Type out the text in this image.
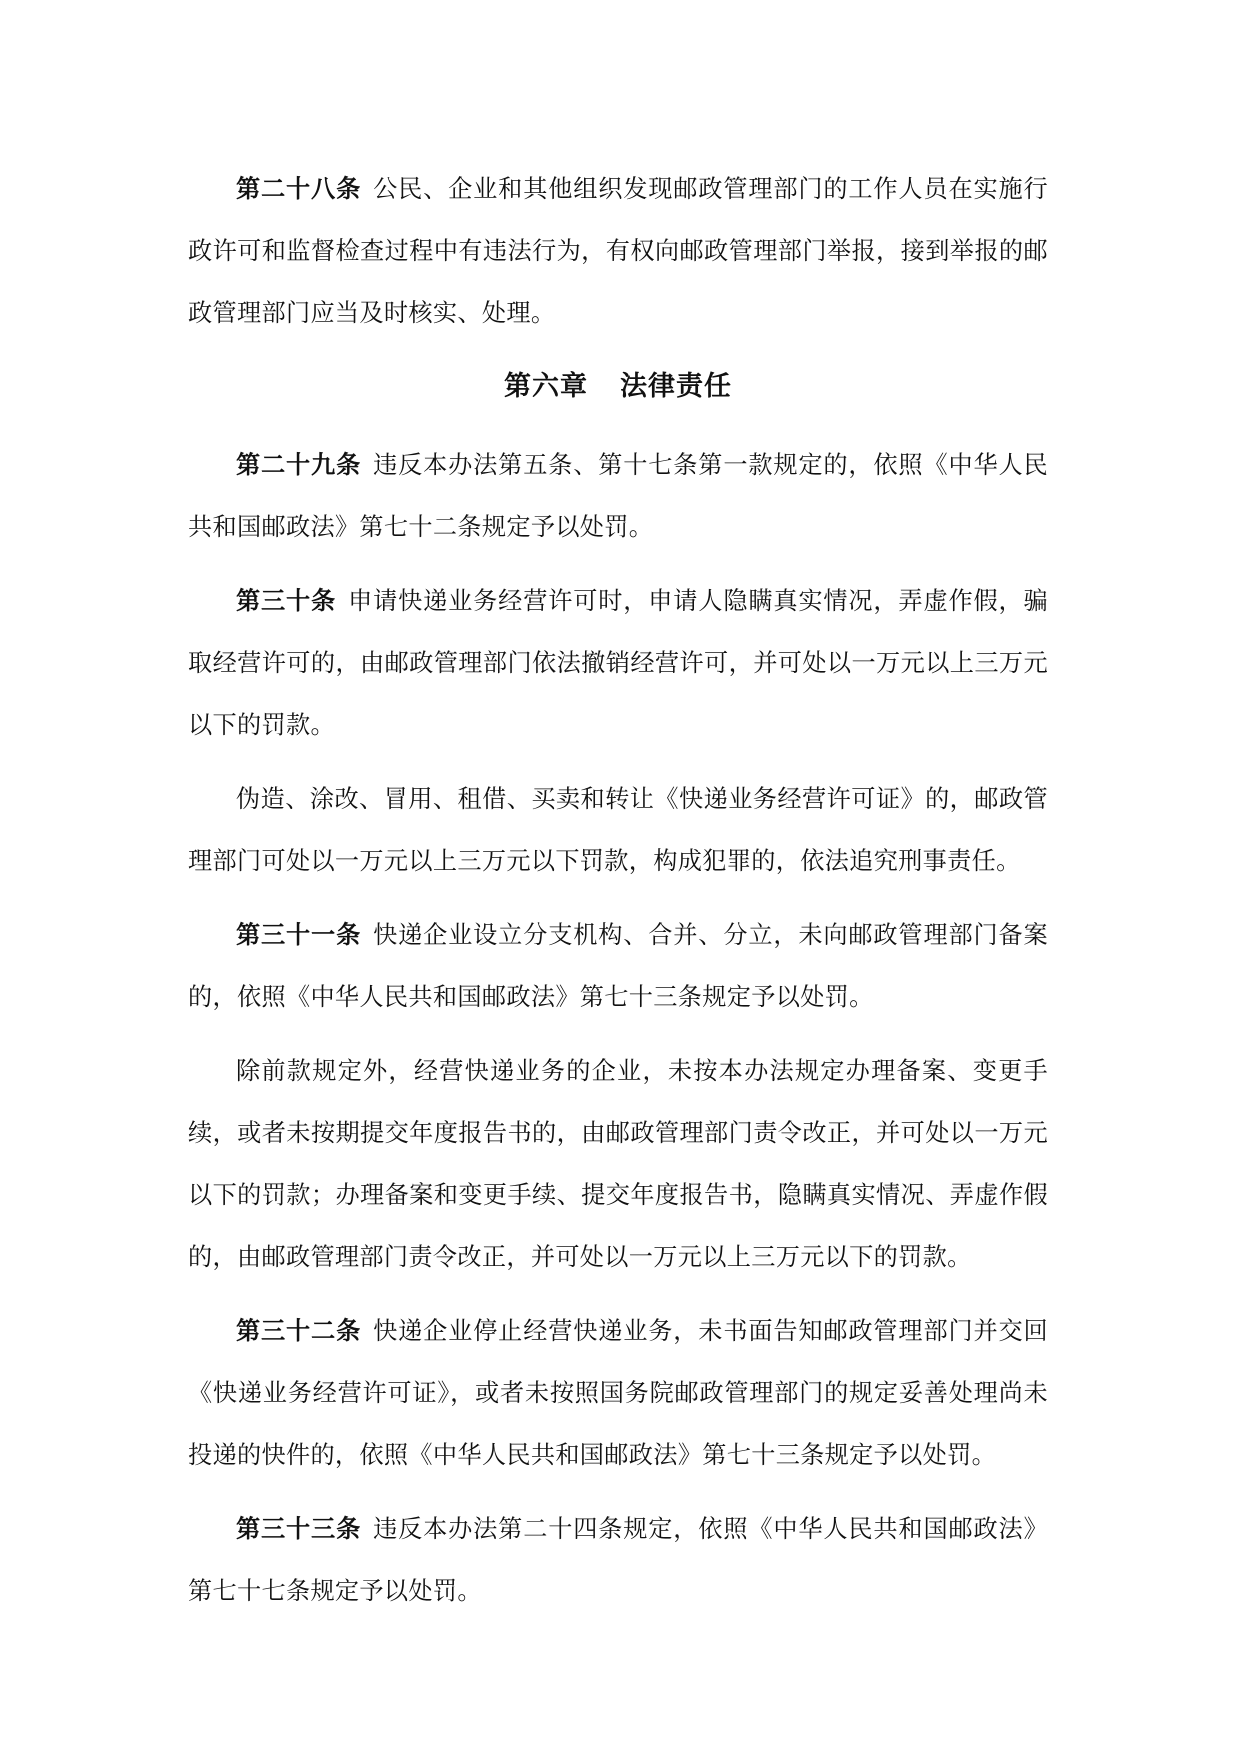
第二十八条 公民、企业和其他组织发现邮政管理部门的工作人员在实施行政许可和监督检查过程中有违法行为，有权向邮政管理部门举报，接到举报的邮政管理部门应当及时核实、处理。

第六章 法律责任

第二十九条 违反本办法第五条、第十七条第一款规定的，依照《中华人民共和国邮政法》第七十二条规定予以处罚。

第三十条 申请快递业务经营许可时，申请人隐瞒真实情况，弄虚作假，骗取经营许可的，由邮政管理部门依法撤销经营许可，并可处以一万元以上三万元以下的罚款。

伪造、涂改、冒用、租借、买卖和转让《快递业务经营许可证》的，邮政管理部门可处以一万元以上三万元以下罚款，构成犯罪的，依法追究刑事责任。

第三十一条 快递企业设立分支机构、合并、分立，未向邮政管理部门备案的，依照《中华人民共和国邮政法》第七十三条规定予以处罚。

除前款规定外，经营快递业务的企业，未按本办法规定办理备案、变更手续，或者未按期提交年度报告书的，由邮政管理部门责令改正，并可处以一万元以下的罚款；办理备案和变更手续、提交年度报告书，隐瞒真实情况、弄虚作假的，由邮政管理部门责令改正，并可处以一万元以上三万元以下的罚款。

第三十二条 快递企业停止经营快递业务，未书面告知邮政管理部门并交回《快递业务经营许可证》，或者未按照国务院邮政管理部门的规定妥善处理尚未投递的快件的，依照《中华人民共和国邮政法》第七十三条规定予以处罚。

第三十三条 违反本办法第二十四条规定，依照《中华人民共和国邮政法》第七十七条规定予以处罚。
